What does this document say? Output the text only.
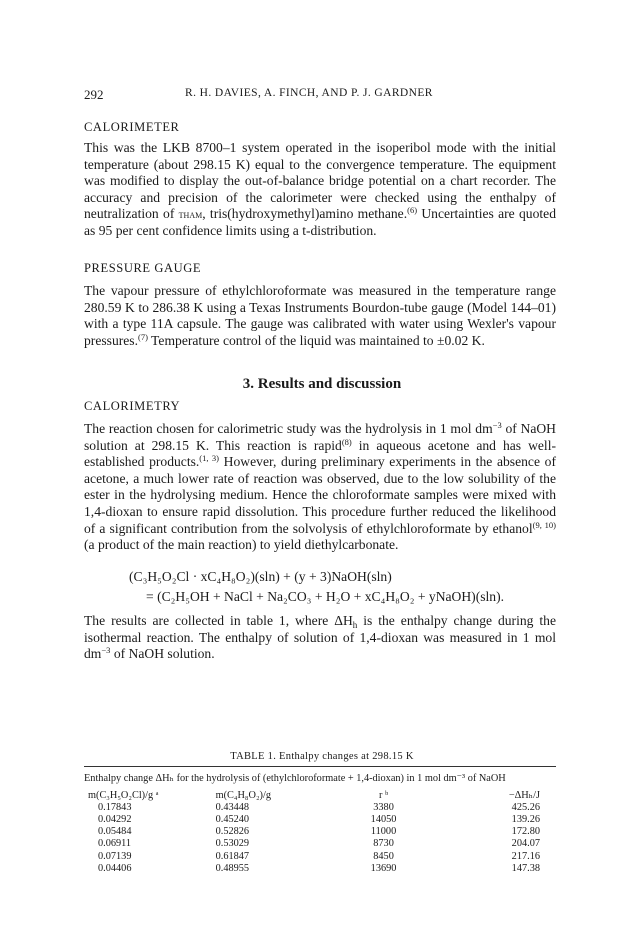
292	R. H. DAVIES, A. FINCH, AND P. J. GARDNER
CALORIMETER
This was the LKB 8700–1 system operated in the isoperibol mode with the initial temperature (about 298.15 K) equal to the convergence temperature. The equipment was modified to display the out-of-balance bridge potential on a chart recorder. The accuracy and precision of the calorimeter were checked using the enthalpy of neutralization of tham, tris(hydroxymethyl)amino methane.$^{(6)}$ Uncertainties are quoted as 95 per cent confidence limits using a t-distribution.
PRESSURE GAUGE
The vapour pressure of ethylchloroformate was measured in the temperature range 280.59 K to 286.38 K using a Texas Instruments Bourdon-tube gauge (Model 144–01) with a type 11A capsule. The gauge was calibrated with water using Wexler's vapour pressures.$^{(7)}$ Temperature control of the liquid was maintained to ±0.02 K.
3. Results and discussion
CALORIMETRY
The reaction chosen for calorimetric study was the hydrolysis in 1 mol $dm^{-3}$ of NaOH solution at 298.15 K. This reaction is rapid$^{(8)}$ in aqueous acetone and has well-established products.$^{(1, 3)}$ However, during preliminary experiments in the absence of acetone, a much lower rate of reaction was observed, due to the low solubility of the ester in the hydrolysing medium. Hence the chloroformate samples were mixed with 1,4-dioxan to ensure rapid dissolution. This procedure further reduced the likelihood of a significant contribution from the solvolysis of ethylchloroformate by ethanol$^{(9, 10)}$ (a product of the main reaction) to yield diethylcarbonate.
(C₃H₅O₂Cl · xC₄H₈O₂)(sln) + (y + 3)NaOH(sln)
= (C₂H₅OH + NaCl + Na₂CO₃ + H₂O + xC₄H₈O₂ + yNaOH)(sln).
The results are collected in table 1, where $\Delta H_h$ is the enthalpy change during the isothermal reaction. The enthalpy of solution of 1,4-dioxan was measured in 1 mol $dm^{-3}$ of NaOH solution.
TABLE 1. Enthalpy changes at 298.15 K
Enthalpy change ΔHₕ for the hydrolysis of (ethylchloroformate + 1,4-dioxan) in 1 mol dm⁻³ of NaOH
m(C₃H₅O₂Cl)/g ᵃ	m(C₄H₈O₂)/g	r ᵇ	−ΔHₕ/J
0.17843	0.43448	3380	425.26
0.04292	0.45240	14050	139.26
0.05484	0.52826	11000	172.80
0.06911	0.53029	8730	204.07
0.07139	0.61847	8450	217.16
0.04406	0.48955	13690	147.38
